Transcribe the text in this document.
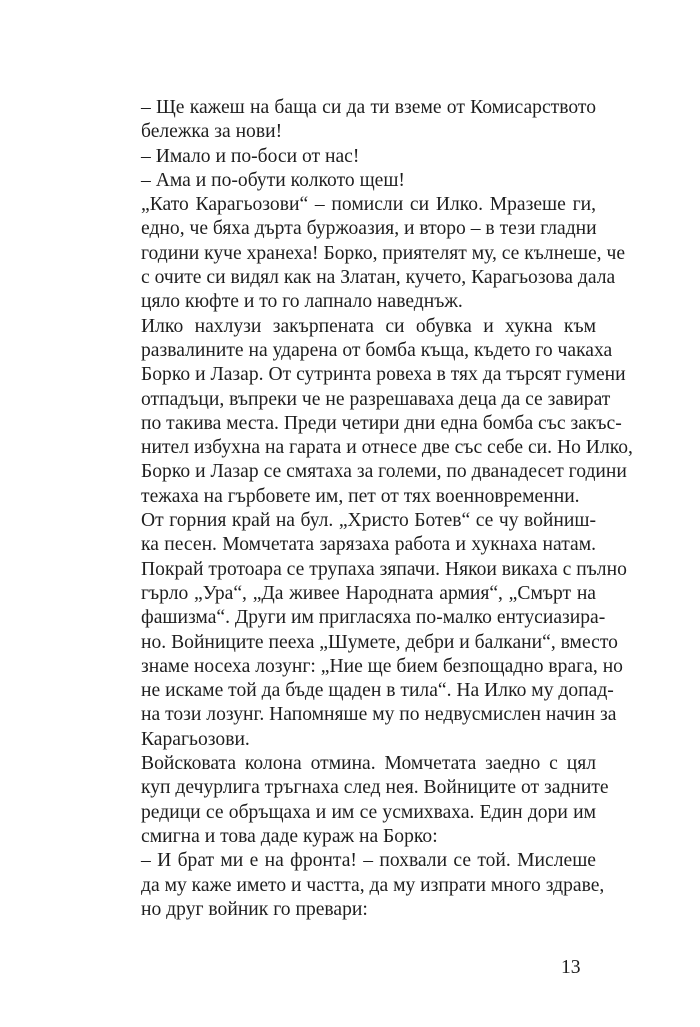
– Ще кажеш на баща си да ти вземе от Комисарството
бележка за нови!

– Имало и по-боси от нас!

– Ама и по-обути колкото щеш!

„Като Карагьозови“ – помисли си Илко. Мразеше ги,
едно, че бяха дърта буржоазия, и второ – в тези гладни
години куче хранеха! Борко, приятелят му, се кълнеше, че
с очите си видял как на Златан, кучето, Карагьозова дала
цяло кюфте и то го лапнало наведнъж.

Илко нахлузи закърпената си обувка и хукна към
развалините на ударена от бомба къща, където го чакаха
Борко и Лазар. От сутринта ровеха в тях да търсят гумени
отпадъци, въпреки че не разрешаваха деца да се завират
по такива места. Преди четири дни една бомба със закъс-
нител избухна на гарата и отнесе две със себе си. Но Илко,
Борко и Лазар се смятаха за големи, по дванадесет години
тежаха на гърбовете им, пет от тях военновременни.

От горния край на бул. „Христо Ботев“ се чу войниш-
ка песен. Момчетата зарязаха работа и хукнаха натам.
Покрай тротоара се трупаха зяпачи. Някои викаха с пълно
гърло „Ура“, „Да живее Народната армия“, „Смърт на
фашизма“. Други им пригласяха по-малко ентусиазира-
но. Войниците пееха „Шумете, дебри и балкани“, вместо
знаме носеха лозунг: „Ние ще бием безпощадно врага, но
не искаме той да бъде щаден в тила“. На Илко му допад-
на този лозунг. Напомняше му по недвусмислен начин за
Карагьозови.

Войсковата колона отмина. Момчетата заедно с цял
куп дечурлига тръгнаха след нея. Войниците от задните
редици се обръщаха и им се усмихваха. Един дори им
смигна и това даде кураж на Борко:

– И брат ми е на фронта! – похвали се той. Мислеше
да му каже името и частта, да му изпрати много здраве,
но друг войник го превари:

13
